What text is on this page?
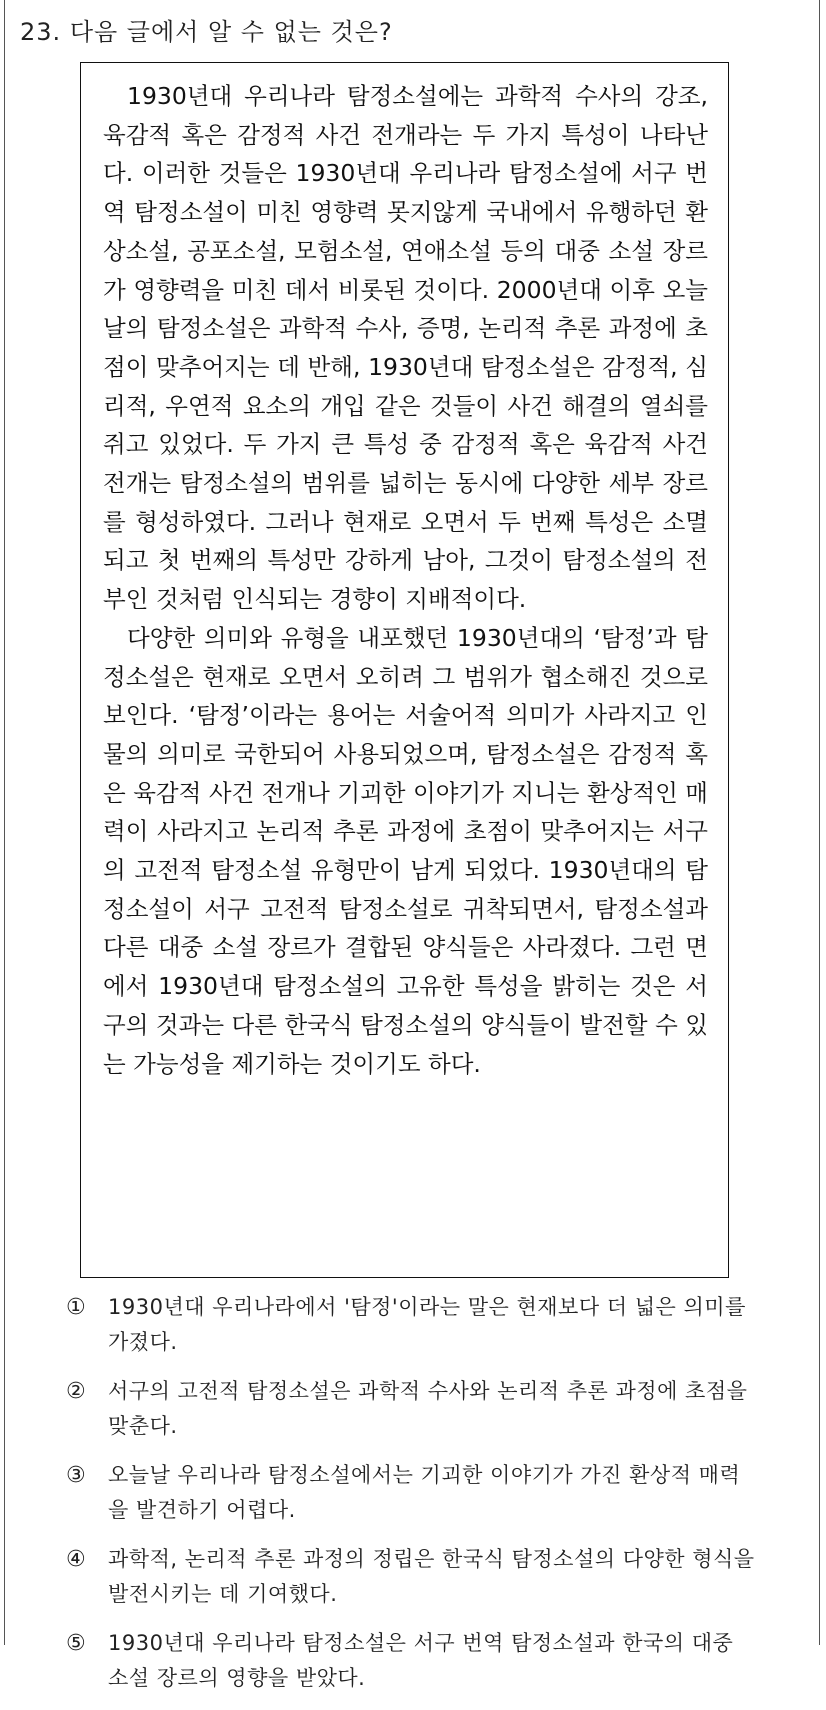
23. 다음 글에서 알 수 없는 것은?

1930년대 우리나라 탐정소설에는 과학적 수사의 강조, 육감적 혹은 감정적 사건 전개라는 두 가지 특성이 나타난다. 이러한 것들은 1930년대 우리나라 탐정소설에 서구 번역 탐정소설이 미친 영향력 못지않게 국내에서 유행하던 환상소설, 공포소설, 모험소설, 연애소설 등의 대중 소설 장르가 영향력을 미친 데서 비롯된 것이다. 2000년대 이후 오늘날의 탐정소설은 과학적 수사, 증명, 논리적 추론 과정에 초점이 맞추어지는 데 반해, 1930년대 탐정소설은 감정적, 심리적, 우연적 요소의 개입 같은 것들이 사건 해결의 열쇠를 쥐고 있었다. 두 가지 큰 특성 중 감정적 혹은 육감적 사건 전개는 탐정소설의 범위를 넓히는 동시에 다양한 세부 장르를 형성하였다. 그러나 현재로 오면서 두 번째 특성은 소멸되고 첫 번째의 특성만 강하게 남아, 그것이 탐정소설의 전부인 것처럼 인식되는 경향이 지배적이다.

다양한 의미와 유형을 내포했던 1930년대의 ‘탐정’과 탐정소설은 현재로 오면서 오히려 그 범위가 협소해진 것으로 보인다. ‘탐정’이라는 용어는 서술어적 의미가 사라지고 인물의 의미로 국한되어 사용되었으며, 탐정소설은 감정적 혹은 육감적 사건 전개나 기괴한 이야기가 지니는 환상적인 매력이 사라지고 논리적 추론 과정에 초점이 맞추어지는 서구의 고전적 탐정소설 유형만이 남게 되었다. 1930년대의 탐정소설이 서구 고전적 탐정소설로 귀착되면서, 탐정소설과 다른 대중 소설 장르가 결합된 양식들은 사라졌다. 그런 면에서 1930년대 탐정소설의 고유한 특성을 밝히는 것은 서구의 것과는 다른 한국식 탐정소설의 양식들이 발전할 수 있는 가능성을 제기하는 것이기도 하다.

①	1930년대 우리나라에서 '탐정'이라는 말은 현재보다 더 넓은 의미를 가졌다.
②	서구의 고전적 탐정소설은 과학적 수사와 논리적 추론 과정에 초점을 맞춘다.
③	오늘날 우리나라 탐정소설에서는 기괴한 이야기가 가진 환상적 매력을 발견하기 어렵다.
④	과학적, 논리적 추론 과정의 정립은 한국식 탐정소설의 다양한 형식을 발전시키는 데 기여했다.
⑤	1930년대 우리나라 탐정소설은 서구 번역 탐정소설과 한국의 대중 소설 장르의 영향을 받았다.
